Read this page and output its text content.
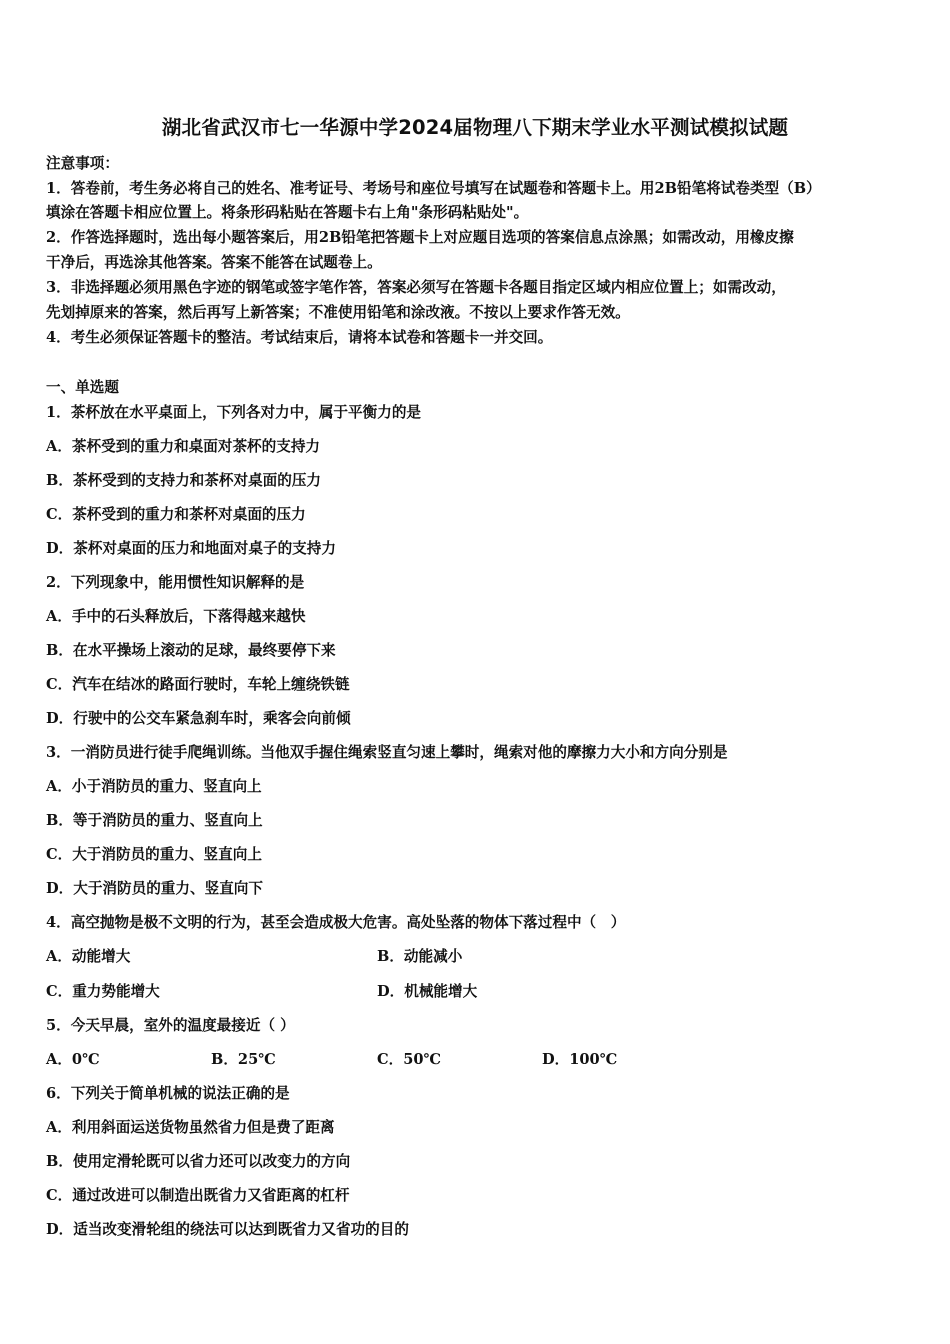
湖北省武汉市七一华源中学2024届物理八下期末学业水平测试模拟试题
注意事项：
1．答卷前，考生务必将自己的姓名、准考证号、考场号和座位号填写在试题卷和答题卡上。用2B铅笔将试卷类型（B）
填涂在答题卡相应位置上。将条形码粘贴在答题卡右上角"条形码粘贴处"。
2．作答选择题时，选出每小题答案后，用2B铅笔把答题卡上对应题目选项的答案信息点涂黑；如需改动，用橡皮擦
干净后，再选涂其他答案。答案不能答在试题卷上。
3．非选择题必须用黑色字迹的钢笔或签字笔作答，答案必须写在答题卡各题目指定区域内相应位置上；如需改动，
先划掉原来的答案，然后再写上新答案；不准使用铅笔和涂改液。不按以上要求作答无效。
4．考生必须保证答题卡的整洁。考试结束后，请将本试卷和答题卡一并交回。
一、单选题
1．茶杯放在水平桌面上，下列各对力中，属于平衡力的是
A．茶杯受到的重力和桌面对茶杯的支持力
B．茶杯受到的支持力和茶杯对桌面的压力
C．茶杯受到的重力和茶杯对桌面的压力
D．茶杯对桌面的压力和地面对桌子的支持力
2．下列现象中，能用惯性知识解释的是
A．手中的石头释放后，下落得越来越快
B．在水平操场上滚动的足球，最终要停下来
C．汽车在结冰的路面行驶时，车轮上缠绕铁链
D．行驶中的公交车紧急刹车时，乘客会向前倾
3．一消防员进行徒手爬绳训练。当他双手握住绳索竖直匀速上攀时，绳索对他的摩擦力大小和方向分别是
A．小于消防员的重力、竖直向上
B．等于消防员的重力、竖直向上
C．大于消防员的重力、竖直向上
D．大于消防员的重力、竖直向下
4．高空抛物是极不文明的行为，甚至会造成极大危害。高处坠落的物体下落过程中（　）
A．动能增大	B．动能减小
C．重力势能增大	D．机械能增大
5．今天早晨，室外的温度最接近（ ）
A．0℃	B．25℃	C．50℃	D．100℃
6．下列关于简单机械的说法正确的是
A．利用斜面运送货物虽然省力但是费了距离
B．使用定滑轮既可以省力还可以改变力的方向
C．通过改进可以制造出既省力又省距离的杠杆
D．适当改变滑轮组的绕法可以达到既省力又省功的目的
